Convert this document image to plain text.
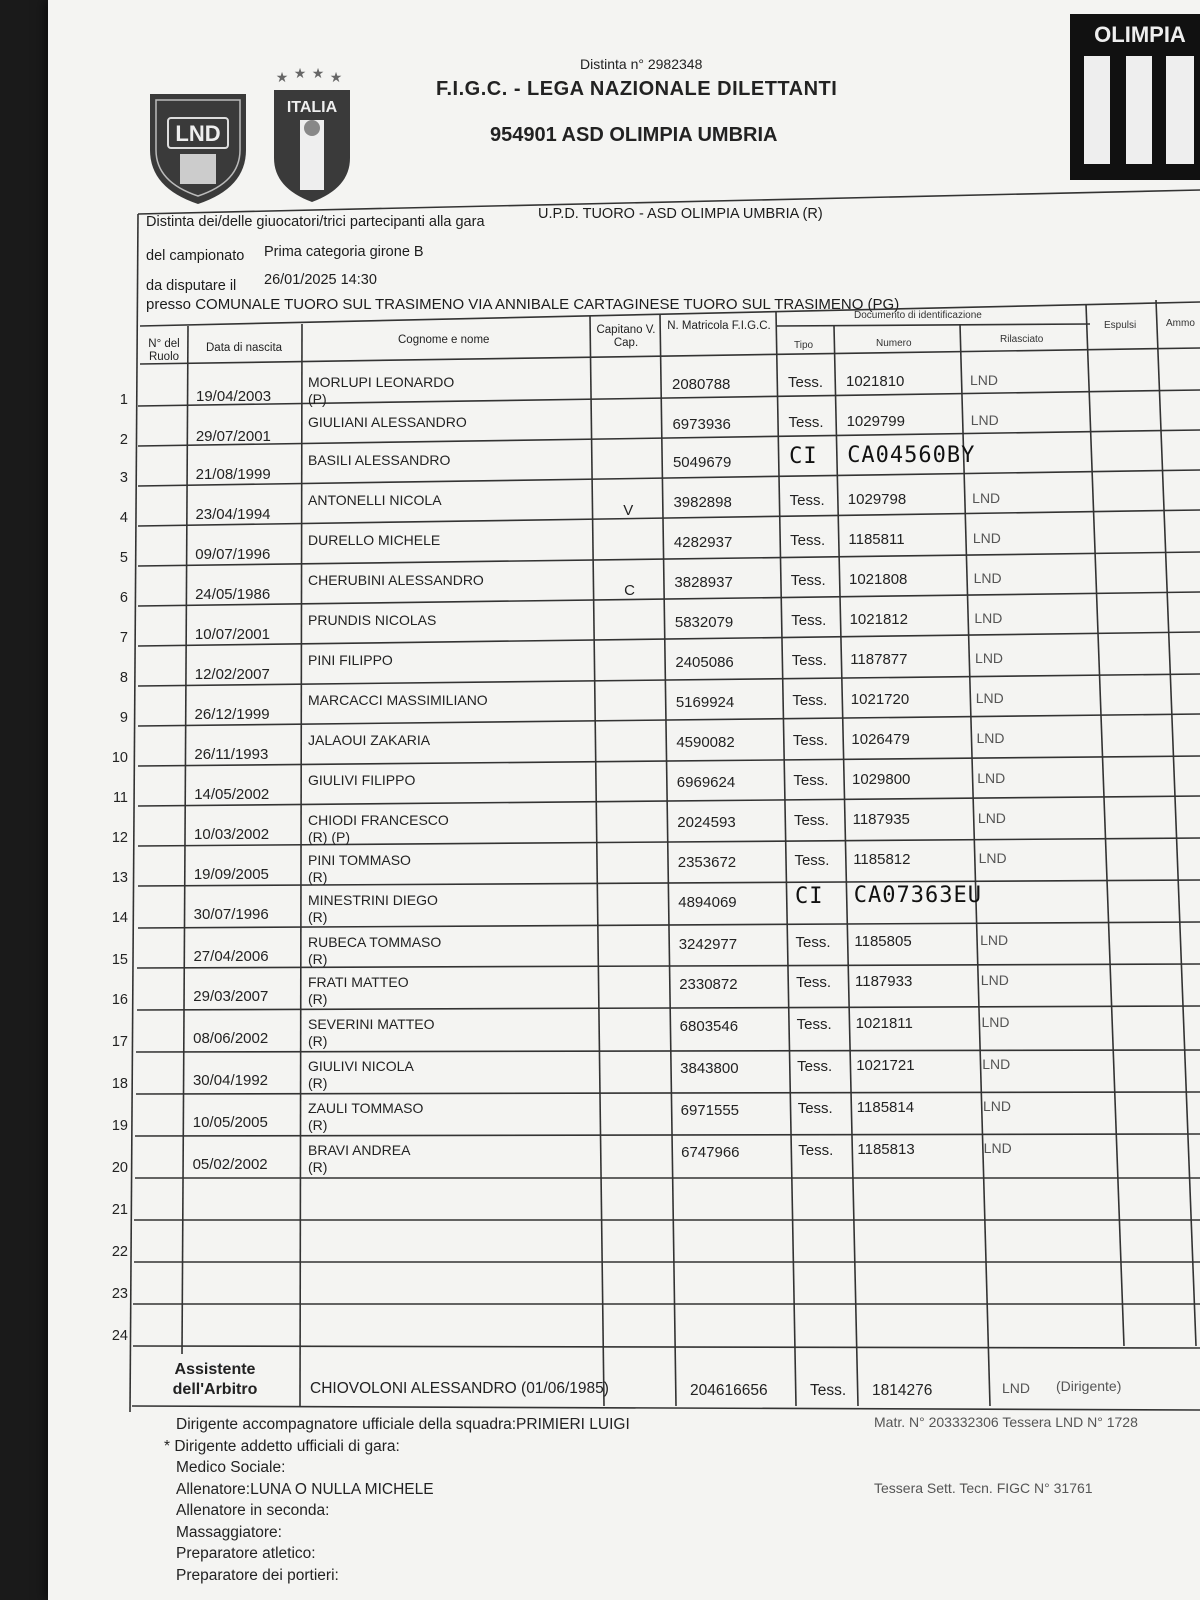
LND
★ ★ ★ ★
ITALIA
OLIMPIA
Distinta n° 2982348
F.I.G.C. - LEGA NAZIONALE DILETTANTI
954901 ASD OLIMPIA UMBRIA
Distinta dei/delle giuocatori/trici partecipanti alla gara	U.P.D. TUORO - ASD OLIMPIA UMBRIA (R)
del campionato Prima categoria girone B
da disputare il 26/01/2025 14:30
presso COMUNALE TUORO SUL TRASIMENO VIA ANNIBALE CARTAGINESE TUORO SUL TRASIMENO (PG)
N° del Ruolo
Data di nascita
Cognome e nome
Capitano V. Cap.
N. Matricola F.I.G.C.
Documento di identificazione
Tipo	Numero	Rilasciato
Espulsi	Ammo
1	19/04/2003
MORLUPI LEONARDO
(P)
2080788	Tess. 1021810	LND
2	29/07/2001
GIULIANI ALESSANDRO	6973936	Tess. 1029799	LND
3	21/08/1999
BASILI ALESSANDRO	5049679	CI CA04560BY
4	23/04/1994
ANTONELLI NICOLA
V	3982898	Tess. 1029798	LND
5	09/07/1996
DURELLO MICHELE	4282937	Tess. 1185811	LND
6	24/05/1986
CHERUBINI ALESSANDRO
C	3828937	Tess. 1021808	LND
7	10/07/2001
PRUNDIS NICOLAS	5832079	Tess. 1021812	LND
8	12/02/2007
PINI FILIPPO	2405086	Tess. 1187877	LND
9	26/12/1999
MARCACCI MASSIMILIANO	5169924	Tess. 1021720	LND
10	26/11/1993
JALAOUI ZAKARIA	4590082	Tess. 1026479	LND
11	14/05/2002
GIULIVI FILIPPO	6969624	Tess. 1029800	LND
12	10/03/2002
CHIODI FRANCESCO
(R) (P)
2024593	Tess. 1187935	LND
13	19/09/2005
PINI TOMMASO
(R)
2353672	Tess. 1185812	LND
14	30/07/1996
MINESTRINI DIEGO
(R)
4894069	CI CA07363EU
15	27/04/2006
RUBECA TOMMASO
(R)
3242977	Tess. 1185805	LND
16	29/03/2007
FRATI MATTEO
(R)
2330872	Tess. 1187933	LND
17	08/06/2002
SEVERINI MATTEO
(R)
6803546	Tess. 1021811	LND
18	30/04/1992
GIULIVI NICOLA
(R)
3843800	Tess. 1021721	LND
19	10/05/2005
ZAULI TOMMASO
(R)
6971555	Tess. 1185814	LND
20	05/02/2002
BRAVI ANDREA
(R)
6747966	Tess. 1185813	LND
21
22
23
24
Assistente dell'Arbitro	CHIOVOLONI ALESSANDRO (01/06/1985)	204616656	Tess. 1814276	LND (Dirigente)
Dirigente accompagnatore ufficiale della squadra:PRIMIERI LUIGI
* Dirigente addetto ufficiali di gara:
Medico Sociale:
Allenatore:LUNA O NULLA MICHELE
Allenatore in seconda:
Massaggiatore:
Preparatore atletico:
Preparatore dei portieri:
Matr. N° 203332306 Tessera LND N° 1728
Tessera Sett. Tecn. FIGC N° 31761
